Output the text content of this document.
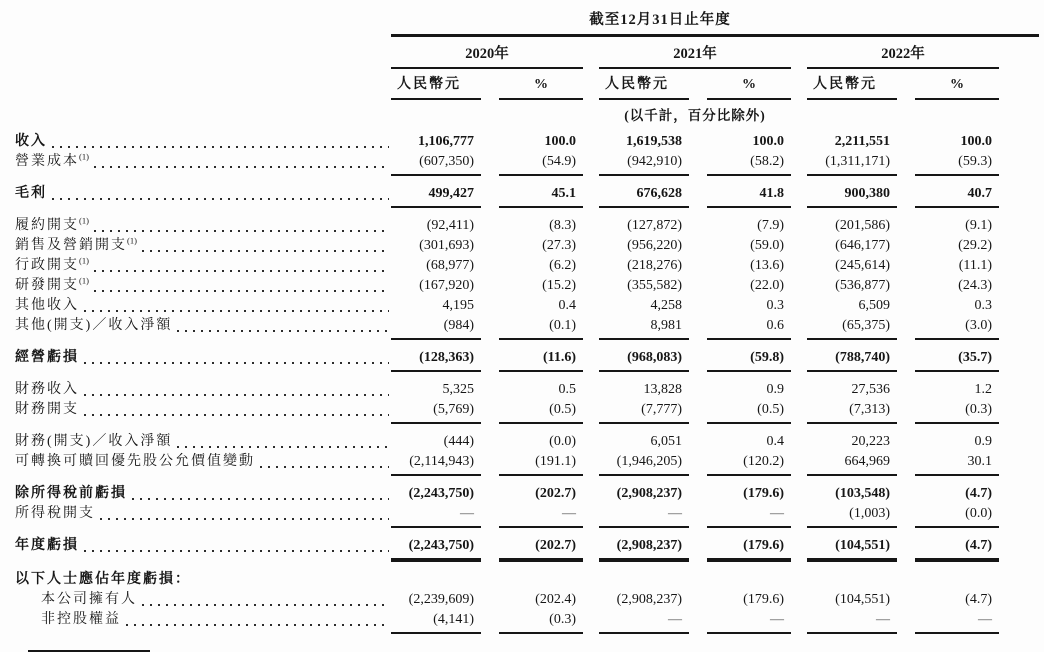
截至12月31日止年度
2020年	2021年	2022年
人民幣元	%	人民幣元	%	人民幣元	%
(以千計，百分比除外)
收入	1,106,777	100.0	1,619,538	100.0	2,211,551	100.0
營業成本$^{(1)}$	(607,350)	(54.9)	(942,910)	(58.2)	(1,311,171)	(59.3)
毛利	499,427	45.1	676,628	41.8	900,380	40.7
履約開支$^{(1)}$	(92,411)	(8.3)	(127,872)	(7.9)	(201,586)	(9.1)
銷售及營銷開支$^{(1)}$	(301,693)	(27.3)	(956,220)	(59.0)	(646,177)	(29.2)
行政開支$^{(1)}$	(68,977)	(6.2)	(218,276)	(13.6)	(245,614)	(11.1)
研發開支$^{(1)}$	(167,920)	(15.2)	(355,582)	(22.0)	(536,877)	(24.3)
其他收入	4,195	0.4	4,258	0.3	6,509	0.3
其他(開支)／收入淨額	(984)	(0.1)	8,981	0.6	(65,375)	(3.0)
經營虧損	(128,363)	(11.6)	(968,083)	(59.8)	(788,740)	(35.7)
財務收入	5,325	0.5	13,828	0.9	27,536	1.2
財務開支	(5,769)	(0.5)	(7,777)	(0.5)	(7,313)	(0.3)
財務(開支)／收入淨額	(444)	(0.0)	6,051	0.4	20,223	0.9
可轉換可贖回優先股公允價值變動	(2,114,943)	(191.1)	(1,946,205)	(120.2)	664,969	30.1
除所得稅前虧損	(2,243,750)	(202.7)	(2,908,237)	(179.6)	(103,548)	(4.7)
所得稅開支	—	—	—	—	(1,003)	(0.0)
年度虧損	(2,243,750)	(202.7)	(2,908,237)	(179.6)	(104,551)	(4.7)
以下人士應佔年度虧損：
本公司擁有人	(2,239,609)	(202.4)	(2,908,237)	(179.6)	(104,551)	(4.7)
非控股權益	(4,141)	(0.3)	—	—	—	—
